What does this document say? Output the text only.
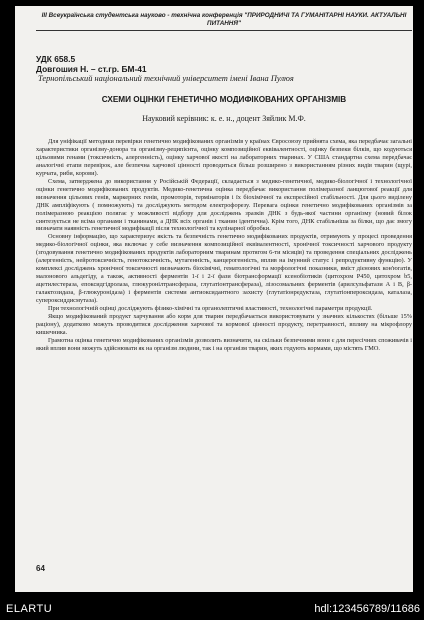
III Всеукраїнська студентська науково - технічна конференція "ПРИРОДНИЧІ ТА ГУМАНІТАРНІ НАУКИ. АКТУАЛЬНІ ПИТАННЯ"
УДК 658.5
Довгошия Н. – ст.гр. БМ-41
Тернопільський національний технічний університет імені Івана Пулюя
СХЕМИ ОЦІНКИ ГЕНЕТИЧНО МОДИФІКОВАНИХ ОРГАНІЗМІВ
Науковий керівник: к. е. н., доцент Зяйлик М.Ф.

Для уніфікації методики перевірки генетично модифікованих організмів у країнах Євросоюзу прийнята схема, яка передбачає загальні характеристики організму-донора та організму-реципієнта, оцінку композиційної еквівалентності, оцінку безпеки білків, що кодуються цільовими генами (токсичність, алергенність), оцінку харчової якості на лабораторних тваринах. У США стандартна схема передбачає аналогічні етапи перевірок, але безпечна харчової цінності проводиться більш розширено з використанням різних видів тварин (щурі, курчата, риби, корови).

Схема, затверджена до використання у Російській Федерації, складається з медико-генетичної, медико-біологічної і технологічної оцінки генетично модифікованих продуктів. Медико-генетична оцінка передбачає використання полімеразної ланцюгової реакції для визначення цільових генів, маркерних генів, промоторів, термінаторів і їх біохімічної та експресійної стабільності. Для цього виділену ДНК ампліфікують ( помножують) та досліджують методом електрофорезу. Перевага оцінки генетично модифікованих організмів за полімеразною реакцією полягає у можливості відбору для досліджень зразків ДНК з будь-якої частини організму (новий білок синтезується не всіма органами і тканинами, а ДНК всіх органів і тканин ідентична). Крім того, ДНК стабільніша за білки, що дає змогу визначати наявність генетичної модифікації після технологічної та кулінарної обробки.

Основну інформацію, що характеризує якість та безпечність генетично модифікованих продуктів, отримують у процесі проведення медико-біологічної оцінки, яка включає у себе визначення композиційної еквівалентності, хронічної токсичності харчового продукту (згодовування генетично модифікованих продуктів лабораторним тваринам протягом 6-ти місяців) та проведення спеціальних досліджень (алергенність, нейротоксичність, генотоксичність, мутагенність, канцерогенність, вплив на імунний статус і репродуктивну функцію). У комплексі досліджень хронічної токсичності визначають біохімічні, гематологічні та морфологічні показники, вміст дієнових кон'югатів, малонового альдегіду, а також, активності ферментів 1-ї і 2-ї фази біотрансформації ксенобіотиків (цитохром Р450, цитохром b5, ацетилестераза, епоксидгідролаза, глюкуронілтрансфераза, глутатіонтрансфераза), лізосомальних ферментів (арилсульфатази А і В, β-галактозидаза, β-глюкуронідаза) і ферментів системи антиоксидантного захисту (глутатіонредуктаза, глутатіонпероксидаза, каталаза, супероксиддисмутаза).

При технологічній оцінці досліджують фізико-хімічні та органолептичні властивості, технологічні параметри продукції.

Якщо модифікований продукт харчування або корм для тварин передбачається використовувати у значних кількостях (більше 15% раціону), додатково можуть проводитися дослідження харчової та кормової цінності продукту, перетравності, впливу на мікрофлору кишечника.

Грамотна оцінка генетично модифікованих організмів дозволить визначити, на скільки безпечними вони є для пересічних споживачів і який вплив вони можуть здійснювати як на організм людини, так і на організм тварин, яких годують кормами, що містять ГМО.

64
ELARTU	hdl:123456789/11686
